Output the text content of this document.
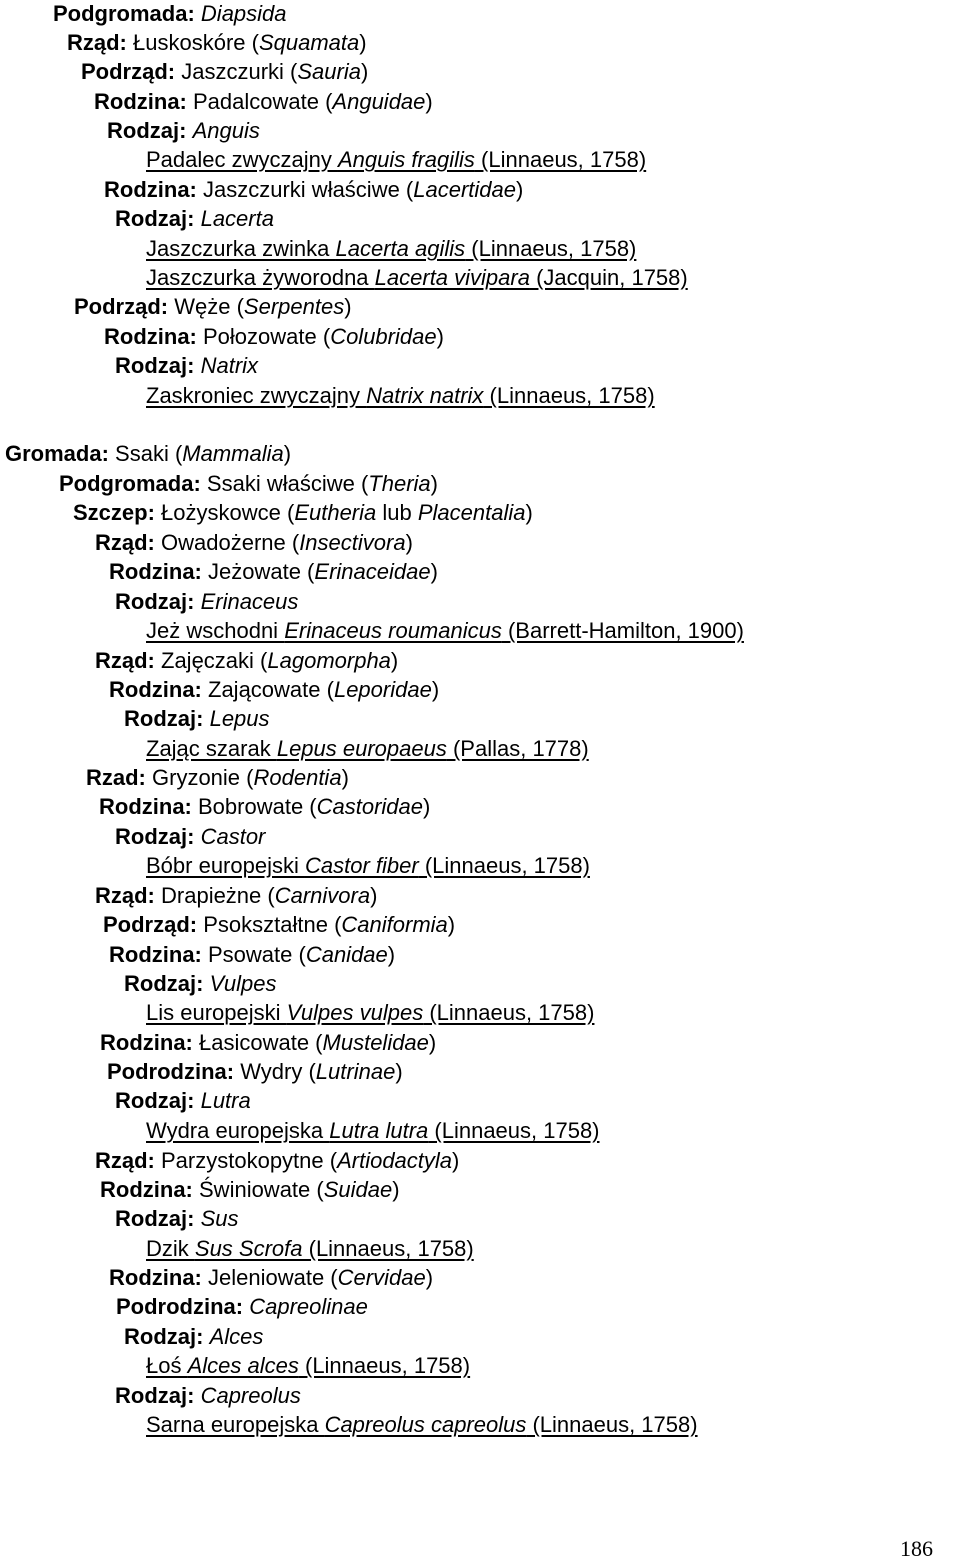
Podgromada: Diapsida
Rząd: Łuskoskóre (Squamata)
Podrząd: Jaszczurki (Sauria)
Rodzina: Padalcowate (Anguidae)
Rodzaj: Anguis
Padalec zwyczajny Anguis fragilis (Linnaeus, 1758)
Rodzina: Jaszczurki właściwe (Lacertidae)
Rodzaj: Lacerta
Jaszczurka zwinka Lacerta agilis (Linnaeus, 1758)
Jaszczurka żyworodna Lacerta vivipara (Jacquin, 1758)
Podrząd: Węże (Serpentes)
Rodzina: Połozowate (Colubridae)
Rodzaj: Natrix
Zaskroniec zwyczajny Natrix natrix (Linnaeus, 1758)
Gromada: Ssaki (Mammalia)
Podgromada: Ssaki właściwe (Theria)
Szczep: Łożyskowce (Eutheria lub Placentalia)
Rząd: Owadożerne (Insectivora)
Rodzina: Jeżowate (Erinaceidae)
Rodzaj: Erinaceus
Jeż wschodni Erinaceus roumanicus (Barrett-Hamilton, 1900)
Rząd: Zajęczaki (Lagomorpha)
Rodzina: Zającowate (Leporidae)
Rodzaj: Lepus
Zając szarak Lepus europaeus (Pallas, 1778)
Rzad: Gryzonie (Rodentia)
Rodzina: Bobrowate (Castoridae)
Rodzaj: Castor
Bóbr europejski Castor fiber (Linnaeus, 1758)
Rząd: Drapieżne (Carnivora)
Podrząd: Psokształtne (Caniformia)
Rodzina: Psowate (Canidae)
Rodzaj: Vulpes
Lis europejski Vulpes vulpes (Linnaeus, 1758)
Rodzina: Łasicowate (Mustelidae)
Podrodzina: Wydry (Lutrinae)
Rodzaj: Lutra
Wydra europejska Lutra lutra (Linnaeus, 1758)
Rząd: Parzystokopytne (Artiodactyla)
Rodzina: Świniowate (Suidae)
Rodzaj: Sus
Dzik Sus Scrofa (Linnaeus, 1758)
Rodzina: Jeleniowate (Cervidae)
Podrodzina: Capreolinae
Rodzaj: Alces
Łoś Alces alces (Linnaeus, 1758)
Rodzaj: Capreolus
Sarna europejska Capreolus capreolus (Linnaeus, 1758)
186
